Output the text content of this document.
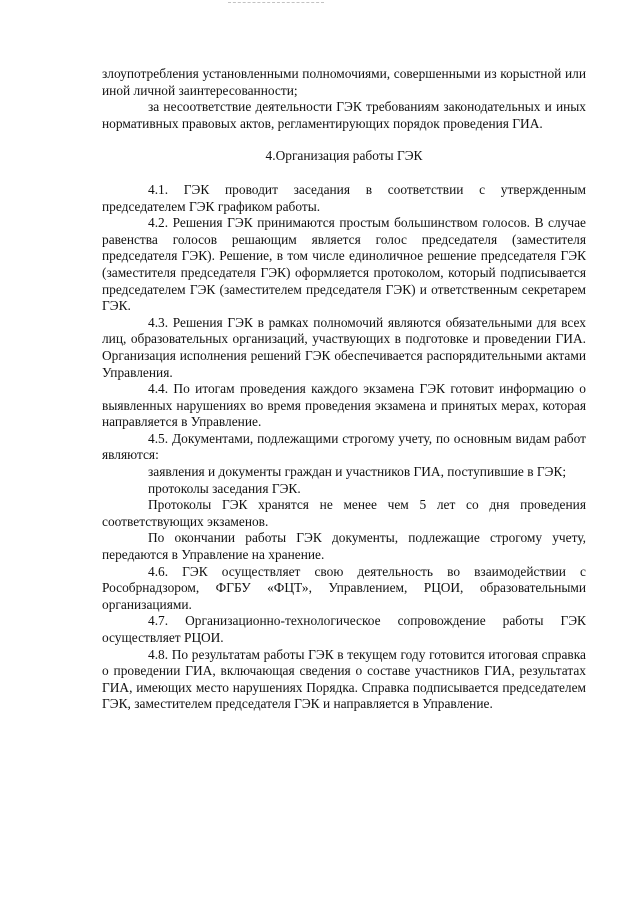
злоупотребления установленными полномочиями, совершенными из корыстной или иной личной заинтересованности;

за несоответствие деятельности ГЭК требованиям законодательных и иных нормативных правовых актов, регламентирующих порядок проведения ГИА.

4.Организация работы ГЭК

4.1. ГЭК проводит заседания в соответствии с утвержденным председателем ГЭК графиком работы.

4.2. Решения ГЭК принимаются простым большинством голосов. В случае равенства голосов решающим является голос председателя (заместителя председателя ГЭК). Решение, в том числе единоличное решение председателя ГЭК (заместителя председателя ГЭК) оформляется протоколом, который подписывается председателем ГЭК (заместителем председателя ГЭК) и ответственным секретарем ГЭК.

4.3. Решения ГЭК в рамках полномочий являются обязательными для всех лиц, образовательных организаций, участвующих в подготовке и проведении ГИА. Организация исполнения решений ГЭК обеспечивается распорядительными актами Управления.

4.4. По итогам проведения каждого экзамена ГЭК готовит информацию о выявленных нарушениях во время проведения экзамена и принятых мерах, которая направляется в Управление.

4.5. Документами, подлежащими строгому учету, по основным видам работ являются:

заявления и документы граждан и участников ГИА, поступившие в ГЭК;

протоколы заседания ГЭК.

Протоколы ГЭК хранятся не менее чем 5 лет со дня проведения соответствующих экзаменов.

По окончании работы ГЭК документы, подлежащие строгому учету, передаются в Управление на хранение.

4.6. ГЭК осуществляет свою деятельность во взаимодействии с Рособрнадзором, ФГБУ «ФЦТ», Управлением, РЦОИ, образовательными организациями.

4.7. Организационно-технологическое сопровождение работы ГЭК осуществляет РЦОИ.

4.8. По результатам работы ГЭК в текущем году готовится итоговая справка о проведении ГИА, включающая сведения о составе участников ГИА, результатах ГИА, имеющих место нарушениях Порядка. Справка подписывается председателем ГЭК, заместителем председателя ГЭК и направляется в Управление.
